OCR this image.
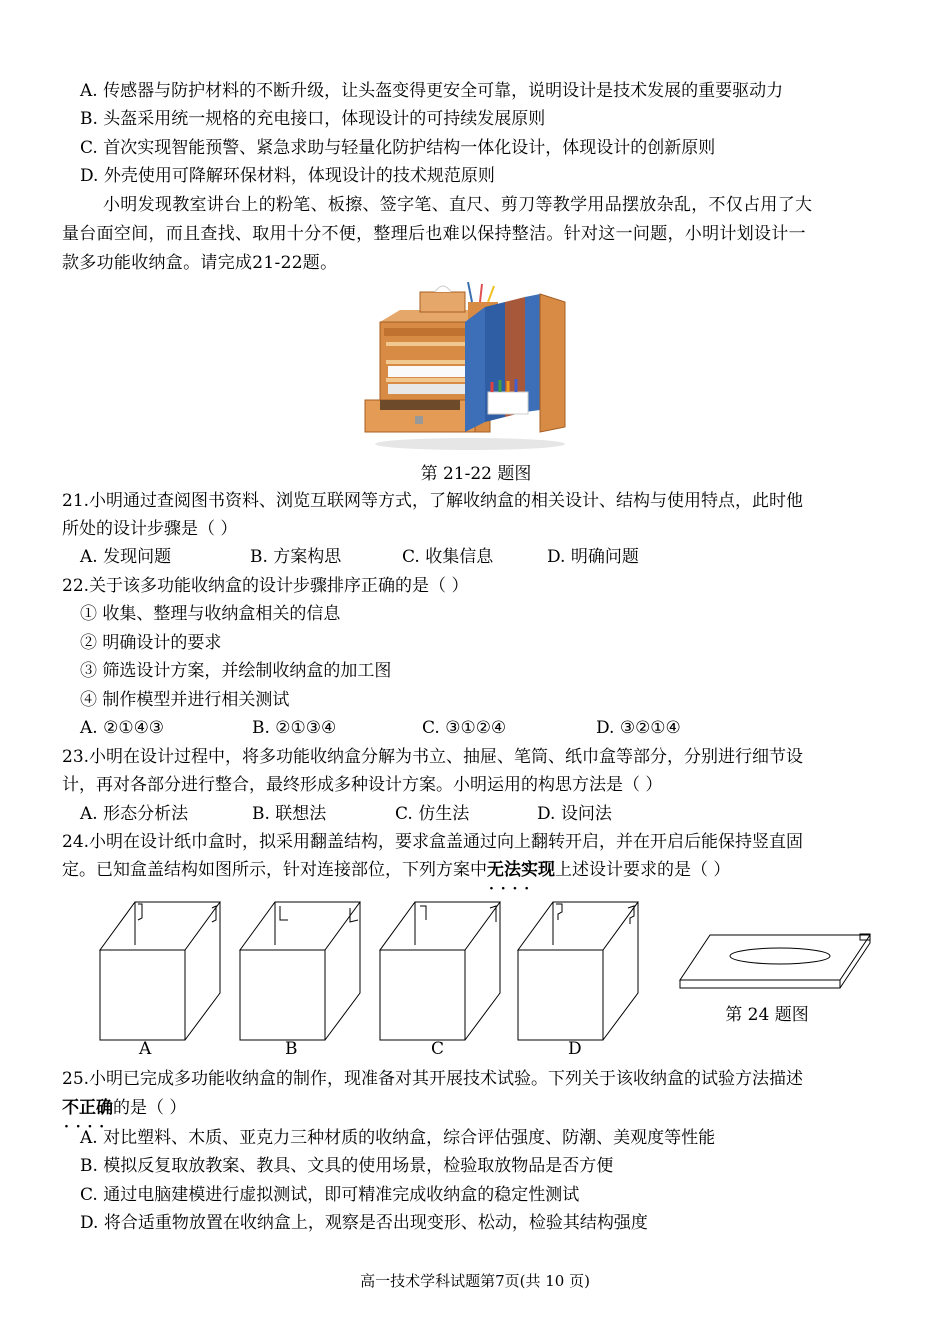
A. 传感器与防护材料的不断升级，让头盔变得更安全可靠，说明设计是技术发展的重要驱动力
B. 头盔采用统一规格的充电接口，体现设计的可持续发展原则
C. 首次实现智能预警、紧急求助与轻量化防护结构一体化设计，体现设计的创新原则
D. 外壳使用可降解环保材料，体现设计的技术规范原则
小明发现教室讲台上的粉笔、板擦、签字笔、直尺、剪刀等教学用品摆放杂乱，不仅占用了大
量台面空间，而且查找、取用十分不便，整理后也难以保持整洁。针对这一问题，小明计划设计一
款多功能收纳盒。请完成21-22题。
第 21-22 题图
21.小明通过查阅图书资料、浏览互联网等方式，了解收纳盒的相关设计、结构与使用特点，此时他
所处的设计步骤是（ ）
A. 发现问题	B. 方案构思	C. 收集信息	D. 明确问题
22.关于该多功能收纳盒的设计步骤排序正确的是（ ）
① 收集、整理与收纳盒相关的信息
② 明确设计的要求
③ 筛选设计方案，并绘制收纳盒的加工图
④ 制作模型并进行相关测试
A. ②①④③	B. ②①③④	C. ③①②④	D. ③②①④
23.小明在设计过程中，将多功能收纳盒分解为书立、抽屉、笔筒、纸巾盒等部分，分别进行细节设
计，再对各部分进行整合，最终形成多种设计方案。小明运用的构思方法是（ ）
A. 形态分析法	B. 联想法	C. 仿生法	D. 设问法
24.小明在设计纸巾盒时，拟采用翻盖结构，要求盒盖通过向上翻转开启，并在开启后能保持竖直固
定。已知盒盖结构如图所示，针对连接部位，下列方案中无法实现 · · · ·上述设计要求的是（ ）
A	B	C	D
第 24 题图
25.小明已完成多功能收纳盒的制作，现准备对其开展技术试验。下列关于该收纳盒的试验方法描述
不正确 · · · ·的是（ ）
A. 对比塑料、木质、亚克力三种材质的收纳盒，综合评估强度、防潮、美观度等性能
B. 模拟反复取放教案、教具、文具的使用场景，检验取放物品是否方便
C. 通过电脑建模进行虚拟测试，即可精准完成收纳盒的稳定性测试
D. 将合适重物放置在收纳盒上，观察是否出现变形、松动，检验其结构强度
高一技术学科试题第7页(共 10 页)
